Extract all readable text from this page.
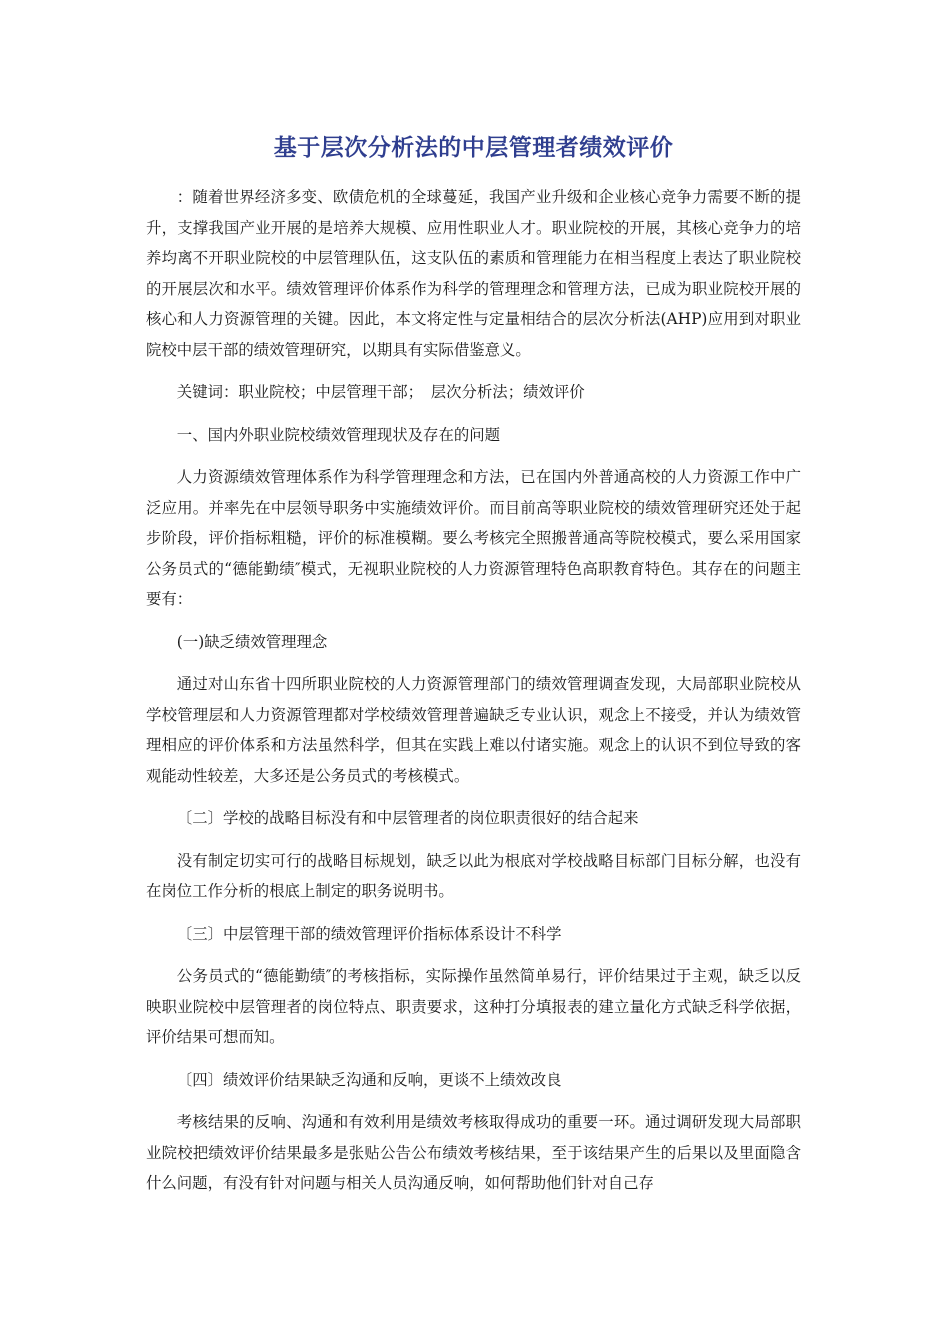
基于层次分析法的中层管理者绩效评价

：随着世界经济多变、欧债危机的全球蔓延，我国产业升级和企业核心竞争力需要不断的提升，支撑我国产业开展的是培养大规模、应用性职业人才。职业院校的开展，其核心竞争力的培养均离不开职业院校的中层管理队伍，这支队伍的素质和管理能力在相当程度上表达了职业院校的开展层次和水平。绩效管理评价体系作为科学的管理理念和管理方法，已成为职业院校开展的核心和人力资源管理的关键。因此，本文将定性与定量相结合的层次分析法(AHP)应用到对职业院校中层干部的绩效管理研究，以期具有实际借鉴意义。

关键词：职业院校；中层管理干部；　层次分析法；绩效评价

一、国内外职业院校绩效管理现状及存在的问题

人力资源绩效管理体系作为科学管理理念和方法，已在国内外普通高校的人力资源工作中广泛应用。并率先在中层领导职务中实施绩效评价。而目前高等职业院校的绩效管理研究还处于起步阶段，评价指标粗糙，评价的标准模糊。要么考核完全照搬普通高等院校模式，要么采用国家公务员式的“德能勤绩″模式，无视职业院校的人力资源管理特色高职教育特色。其存在的问题主要有：

(一)缺乏绩效管理理念

通过对山东省十四所职业院校的人力资源管理部门的绩效管理调查发现，大局部职业院校从学校管理层和人力资源管理都对学校绩效管理普遍缺乏专业认识，观念上不接受，并认为绩效管理相应的评价体系和方法虽然科学，但其在实践上难以付诸实施。观念上的认识不到位导致的客观能动性较差，大多还是公务员式的考核模式。

〔二〕学校的战略目标没有和中层管理者的岗位职责很好的结合起来

没有制定切实可行的战略目标规划，缺乏以此为根底对学校战略目标部门目标分解，也没有在岗位工作分析的根底上制定的职务说明书。

〔三〕中层管理干部的绩效管理评价指标体系设计不科学

公务员式的“德能勤绩″的考核指标，实际操作虽然简单易行，评价结果过于主观，缺乏以反映职业院校中层管理者的岗位特点、职责要求，这种打分填报表的建立量化方式缺乏科学依据，评价结果可想而知。

〔四〕绩效评价结果缺乏沟通和反响，更谈不上绩效改良

考核结果的反响、沟通和有效利用是绩效考核取得成功的重要一环。通过调研发现大局部职业院校把绩效评价结果最多是张贴公告公布绩效考核结果，至于该结果产生的后果以及里面隐含什么问题，有没有针对问题与相关人员沟通反响，如何帮助他们针对自己存
